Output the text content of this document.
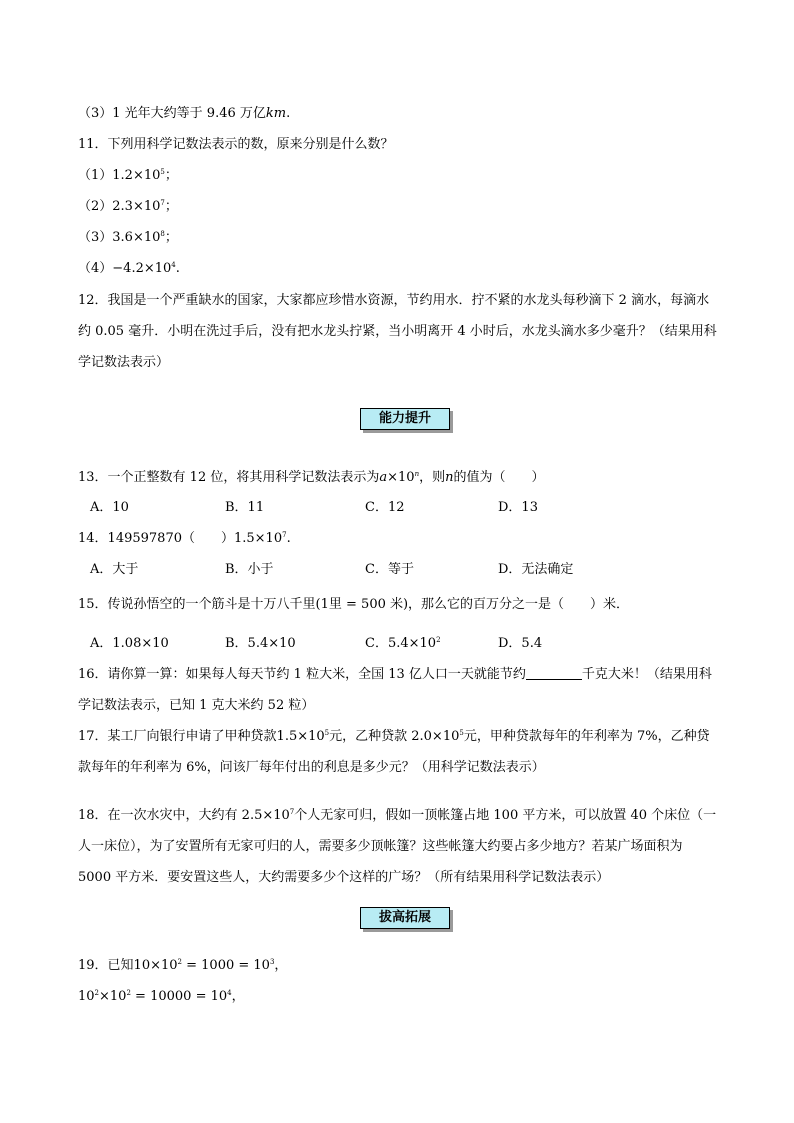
（3）1 光年大约等于 9.46 万亿km.
11．下列用科学记数法表示的数，原来分别是什么数？
$(1)1.2\times 10^5$；
$(2)2.3\times 10^7$；
$(3)3.6\times 10^8$；
$(4)-4.2\times 10^4$.
12．我国是一个严重缺水的国家，大家都应珍惜水资源，节约用水．拧不紧的水龙头每秒滴下 2 滴水，每滴水约 0.05 毫升．小明在洗过手后，没有把水龙头拧紧，当小明离开 4 小时后，水龙头滴水多少毫升？（结果用科学记数法表示）
能力提升
13．一个正整数有 12 位，将其用科学记数法表示为$a\times 10^n$，则n的值为（　　）
A．10	B．11	C．12	D．13
14．149597870（　　）$1.5\times 10^7$.
A．大于	B．小于	C．等于	D．无法确定
15．传说孙悟空的一个筋斗是十万八千里(1里 = 500 米)，那么它的百万分之一是（　　）米．
A．1.08×10	B．5.4×10	C．$5.4\times 10^2$	D．5.4
16．请你算一算：如果每人每天节约 1 粒大米，全国 13 亿人口一天就能节约	千克大米！（结果用科学记数法表示，已知 1 克大米约 52 粒）
17．某工厂向银行申请了甲种贷款$1.5\times 10^5$元，乙种贷款 $2.0\times 10^5$元，甲种贷款每年的年利率为 7%，乙种贷款每年的年利率为 6%，问该厂每年付出的利息是多少元？（用科学记数法表示）
18．在一次水灾中，大约有 $2.5\times 10^7$个人无家可归，假如一顶帐篷占地 100 平方米，可以放置 40 个床位（一人一床位），为了安置所有无家可归的人，需要多少顶帐篷？这些帐篷大约要占多少地方？若某广场面积为 5000 平方米．要安置这些人，大约需要多少个这样的广场？（所有结果用科学记数法表示）
拔高拓展
19．已知$10\times 10^2 = 1000 = 10^3$，
$10^2\times 10^2 = 10000 = 10^4$，
